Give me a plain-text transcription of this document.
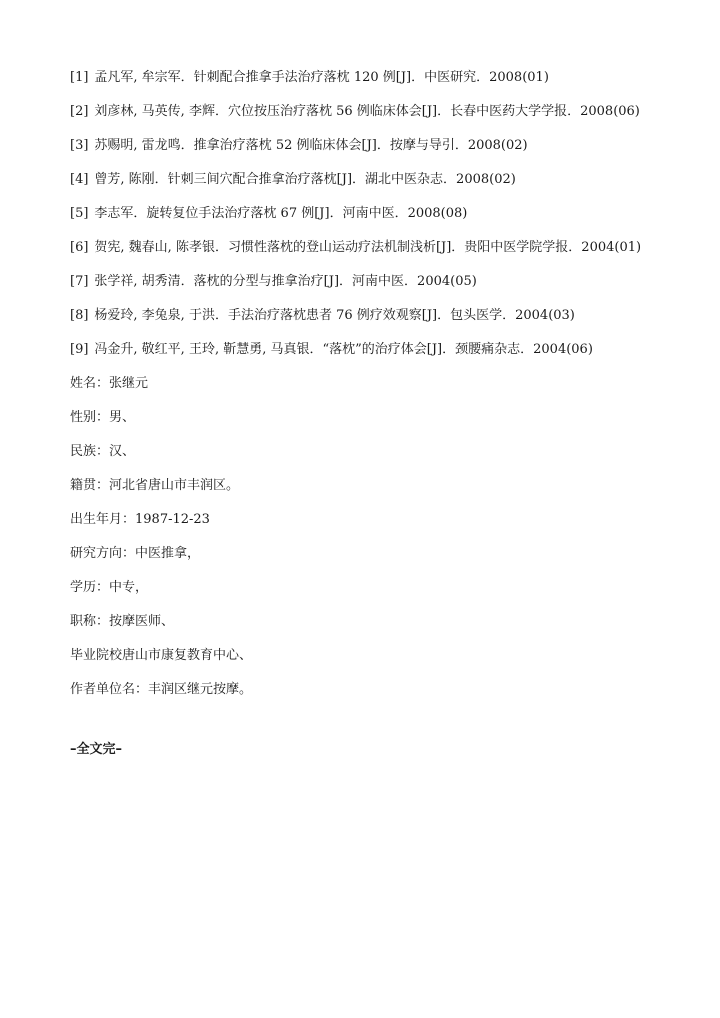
[1] 孟凡军, 牟宗军．针刺配合推拿手法治疗落枕 120 例[J]．中医研究．2008(01)
[2] 刘彦林, 马英传, 李辉．穴位按压治疗落枕 56 例临床体会[J]．长春中医药大学学报．2008(06)
[3] 苏赐明, 雷龙鸣．推拿治疗落枕 52 例临床体会[J]．按摩与导引．2008(02)
[4] 曾芳, 陈刚．针刺三间穴配合推拿治疗落枕[J]．湖北中医杂志．2008(02)
[5] 李志军．旋转复位手法治疗落枕 67 例[J]．河南中医．2008(08)
[6] 贺宪, 魏春山, 陈孝银．习惯性落枕的登山运动疗法机制浅析[J]．贵阳中医学院学报．2004(01)
[7] 张学祥, 胡秀清．落枕的分型与推拿治疗[J]．河南中医．2004(05)
[8] 杨爱玲, 李兔泉, 于洪．手法治疗落枕患者 76 例疗效观察[J]．包头医学．2004(03)
[9] 冯金升, 敬红平, 王玲, 靳慧勇, 马真银．“落枕”的治疗体会[J]．颈腰痛杂志．2004(06)
姓名：张继元
性别：男、
民族：汉、
籍贯：河北省唐山市丰润区。
出生年月：1987-12-23
研究方向：中医推拿，
学历：中专，
职称：按摩医师、
毕业院校唐山市康复教育中心、
作者单位名：丰润区继元按摩。
–全文完–
